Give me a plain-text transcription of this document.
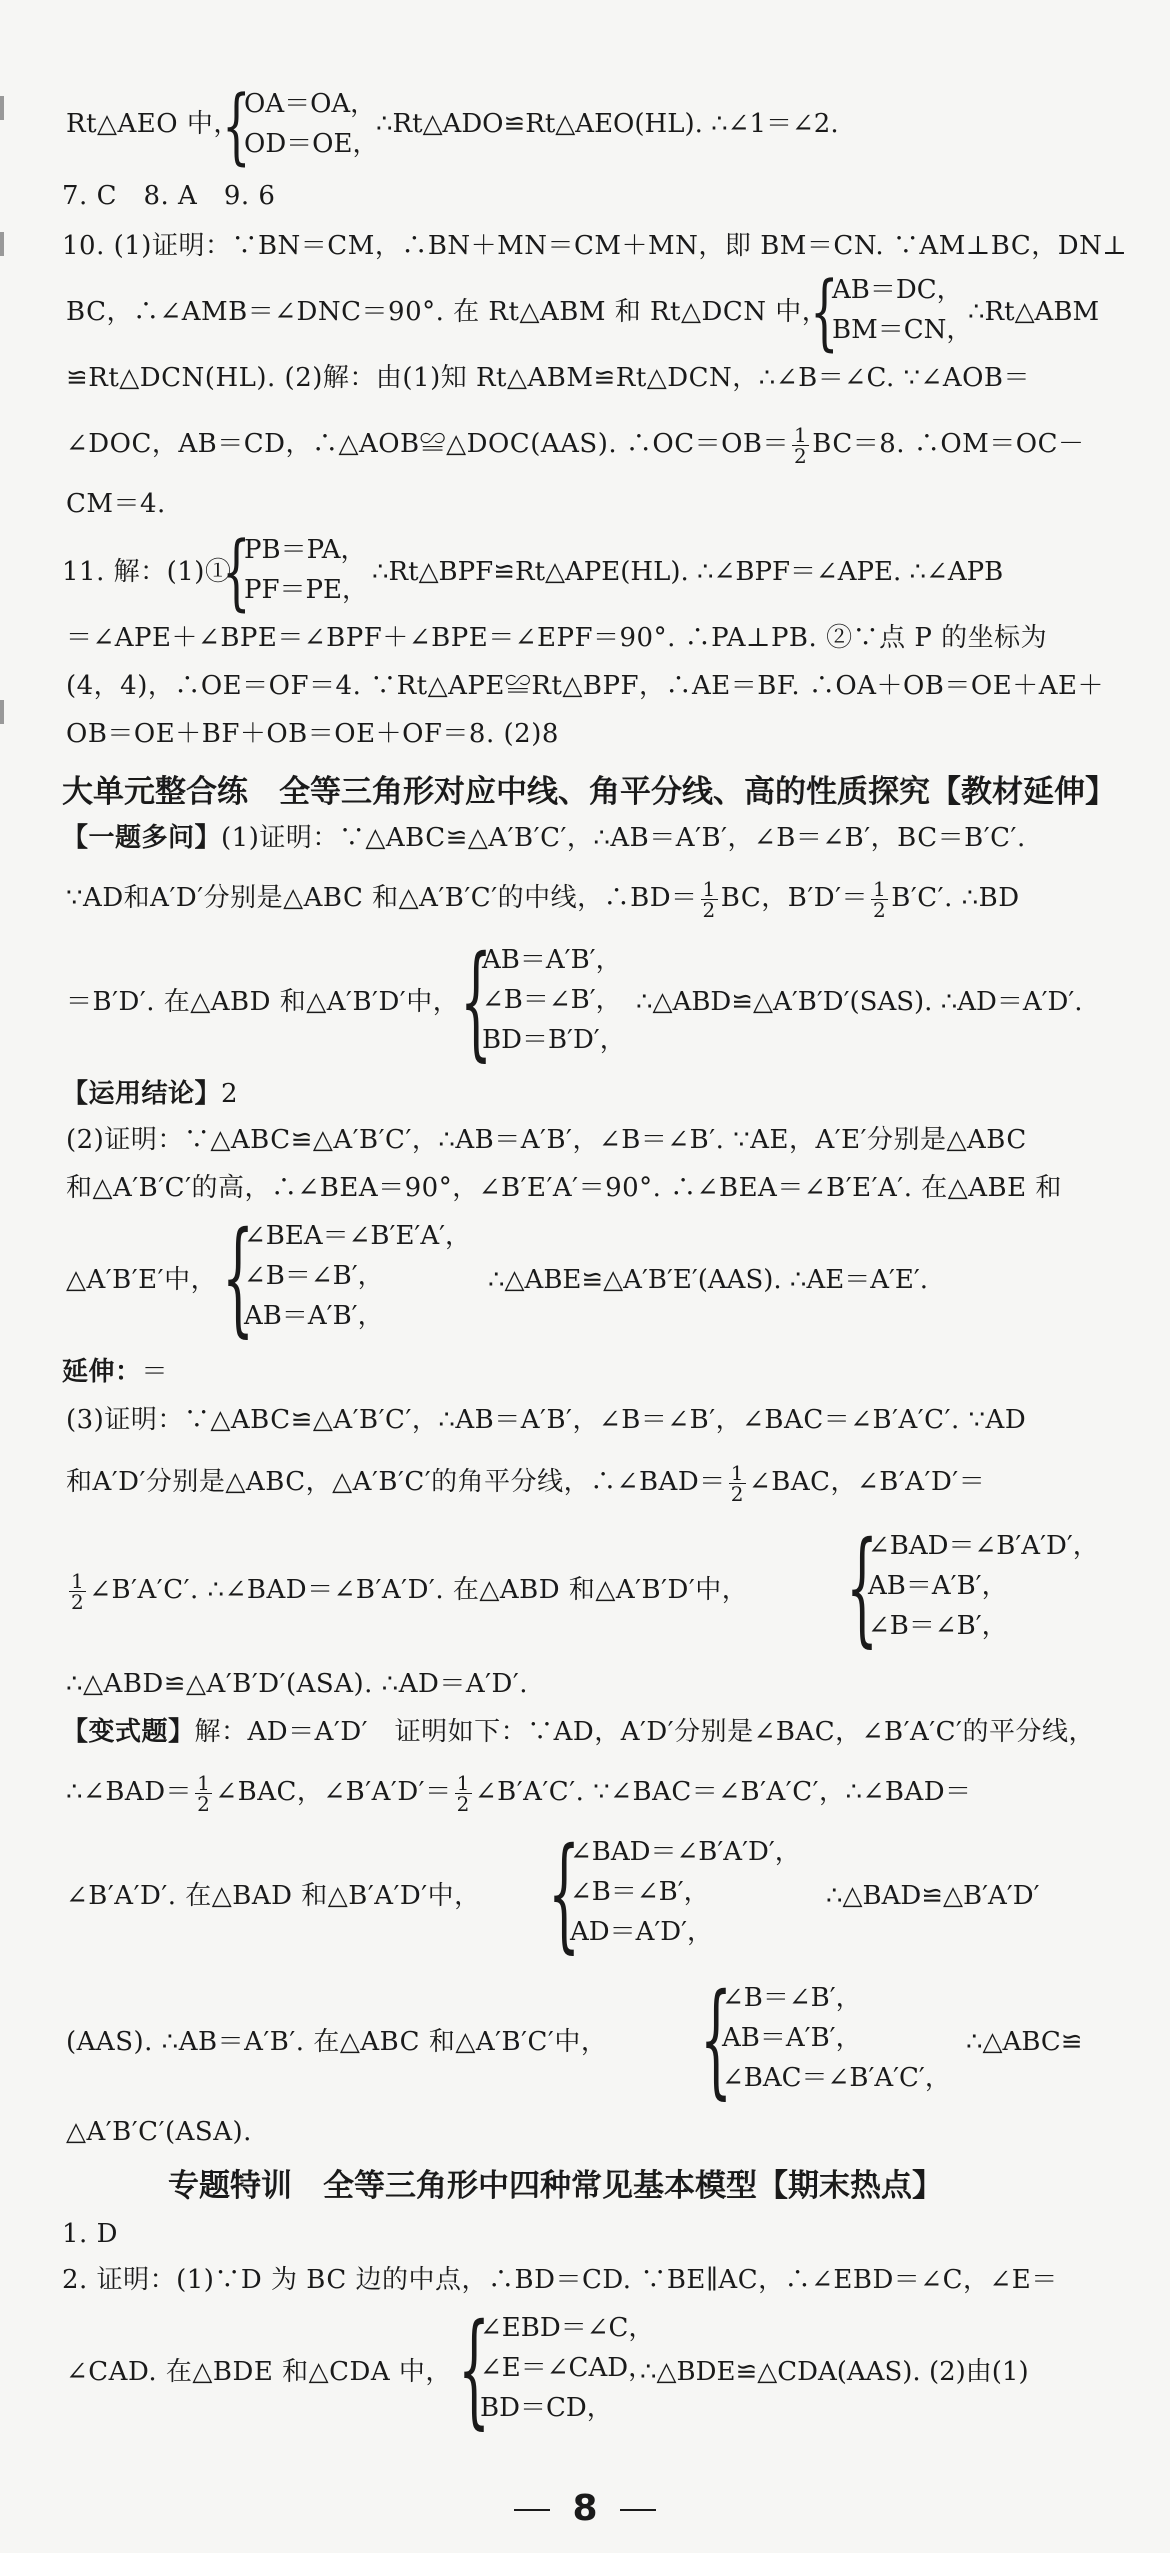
Rt△AEO 中，
{
OA＝OA，
OD＝OE，
∴Rt△ADO≌Rt△AEO(HL). ∴∠1＝∠2.
7. C　8. A　9. 6
10. (1)证明：∵BN＝CM，∴BN＋MN＝CM＋MN，即 BM＝CN. ∵AM⊥BC，DN⊥
BC，∴∠AMB＝∠DNC＝90°. 在 Rt△ABM 和 Rt△DCN 中，
{
AB＝DC，
BM＝CN，
∴Rt△ABM
≌Rt△DCN(HL). (2)解：由(1)知 Rt△ABM≌Rt△DCN，∴∠B＝∠C. ∵∠AOB＝
∠DOC，AB＝CD，∴△AOB≌△DOC(AAS). ∴OC＝OB＝ $\frac{1}{2} BC=8$. ∴OM＝OC－
CM＝4.
11. 解：(1)①
{
PB＝PA，
PF＝PE，
∴Rt△BPF≌Rt△APE(HL). ∴∠BPF＝∠APE. ∴∠APB
＝∠APE＋∠BPE＝∠BPF＋∠BPE＝∠EPF＝90°. ∴PA⊥PB. ②∵点 P 的坐标为
(4，4)，∴OE＝OF＝4. ∵Rt△APE≌Rt△BPF，∴AE＝BF. ∴OA＋OB＝OE＋AE＋
OB＝OE＋BF＋OB＝OE＋OF＝8. (2)8
大单元整合练　全等三角形对应中线、角平分线、高的性质探究【教材延伸】
【一题多问】(1)证明：∵△ABC≌△A′B′C′，∴AB＝A′B′，∠B＝∠B′，BC＝B′C′.
∵AD和A′D′分别是△ABC 和△A′B′C′的中线，∴BD＝ $\frac{1}{2}$ BC，$B'D'= \frac{1}{2} B'C'$. ∴BD
＝B′D′. 在△ABD 和△A′B′D′中， {
AB＝A′B′，
∠B＝∠B′，
BD＝B′D′，
∴△ABD≌△A′B′D′(SAS). ∴AD＝A′D′.
【运用结论】2
(2)证明：∵△ABC≌△A′B′C′，∴AB＝A′B′，∠B＝∠B′. ∵AE，A′E′分别是△ABC
和△A′B′C′的高，∴∠BEA＝90°，∠B′E′A′＝90°. ∴∠BEA＝∠B′E′A′. 在△ABE 和
△A′B′E′中， {
∠BEA＝∠B′E′A′，
∠B＝∠B′，
AB＝A′B′，
∴△ABE≌△A′B′E′(AAS). ∴AE＝A′E′.
延伸：＝
(3)证明：∵△ABC≌△A′B′C′，∴AB＝A′B′，∠B＝∠B′，∠BAC＝∠B′A′C′. ∵AD
和A′D′分别是△ABC，△A′B′C′的角平分线，∴∠BAD＝ $\frac{1}{2}$ ∠BAC，∠B′A′D′＝
$\frac{1}{2}$ ∠B′A′C′. ∴∠BAD＝∠B′A′D′. 在△ABD 和△A′B′D′中， {
∠BAD＝∠B′A′D′，
AB＝A′B′，
∠B＝∠B′，
∴△ABD≌△A′B′D′(ASA). ∴AD＝A′D′.
【变式题】解：AD＝A′D′　证明如下：∵AD，A′D′分别是∠BAC，∠B′A′C′的平分线，
∴∠BAD＝ $\frac{1}{2}$ ∠BAC，∠B′A′D′＝ $\frac{1}{2}$ ∠B′A′C′. ∵∠BAC＝∠B′A′C′，∴∠BAD＝
∠B′A′D′. 在△BAD 和△B′A′D′中， {
∠BAD＝∠B′A′D′，
∠B＝∠B′，
AD＝A′D′，
∴△BAD≌△B′A′D′
(AAS). ∴AB＝A′B′. 在△ABC 和△A′B′C′中， {
∠B＝∠B′，
AB＝A′B′，
∠BAC＝∠B′A′C′，
∴△ABC≌
△A′B′C′(ASA).
专题特训　全等三角形中四种常见基本模型【期末热点】
1. D
2. 证明：(1)∵D 为 BC 边的中点，∴BD＝CD. ∵BE∥AC，∴∠EBD＝∠C，∠E＝
∠CAD. 在△BDE 和△CDA 中， {
∠EBD＝∠C，
∠E＝∠CAD，
BD＝CD，
∴△BDE≌△CDA(AAS). (2)由(1)
8
